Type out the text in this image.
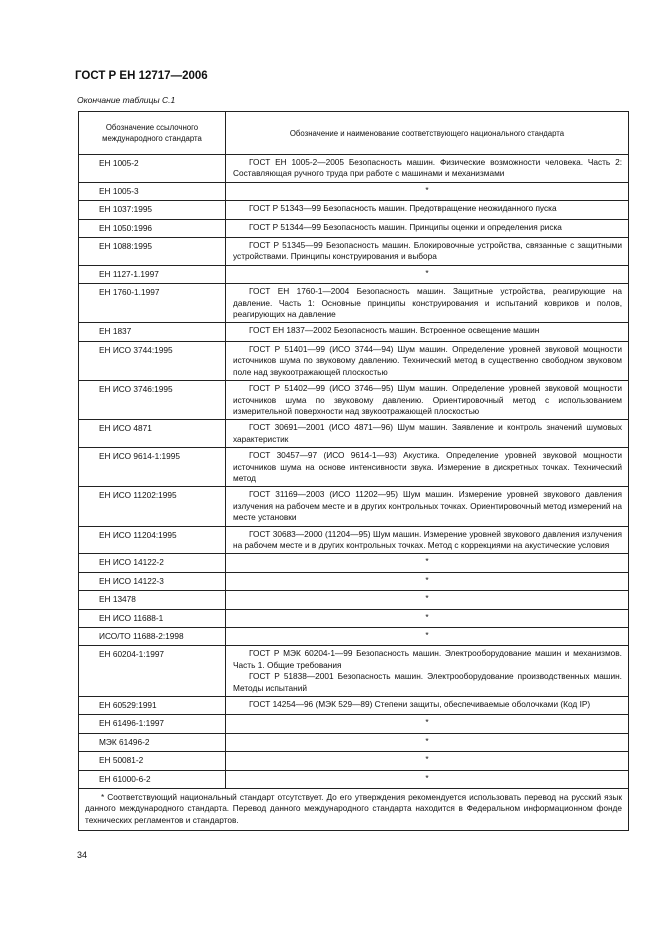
ГОСТ Р ЕН 12717—2006
Окончание таблицы С.1
Обозначение ссылочного международного стандарта	Обозначение и наименование соответствующего национального стандарта
ЕН 1005-2	ГОСТ ЕН 1005-2—2005 Безопасность машин. Физические возможности человека. Часть 2: Составляющая ручного труда при работе с машинами и механизмами

ЕН 1005-3	*
ЕН 1037:1995	ГОСТ Р 51343—99 Безопасность машин. Предотвращение неожиданного пуска

ЕН 1050:1996	ГОСТ Р 51344—99 Безопасность машин. Принципы оценки и определения риска

ЕН 1088:1995	ГОСТ Р 51345—99 Безопасность машин. Блокировочные устройства, связанные с защитными устройствами. Принципы конструирования и выбора

ЕН 1127-1.1997	*
ЕН 1760-1.1997	ГОСТ ЕН 1760-1—2004 Безопасность машин. Защитные устройства, реагирующие на давление. Часть 1: Основные принципы конструирования и испытаний ковриков и полов, реагирующих на давление

ЕН 1837	ГОСТ ЕН 1837—2002 Безопасность машин. Встроенное освещение машин

ЕН ИСО 3744:1995	ГОСТ Р 51401—99 (ИСО 3744—94) Шум машин. Определение уровней звуковой мощности источников шума по звуковому давлению. Технический метод в существенно свободном звуковом поле над звукоотражающей плоскостью

ЕН ИСО 3746:1995	ГОСТ Р 51402—99 (ИСО 3746—95) Шум машин. Определение уровней звуковой мощности источников шума по звуковому давлению. Ориентировочный метод с использованием измерительной поверхности над звукоотражающей плоскостью

ЕН ИСО 4871	ГОСТ 30691—2001 (ИСО 4871—96) Шум машин. Заявление и контроль значений шумовых характеристик

ЕН ИСО 9614-1:1995	ГОСТ 30457—97 (ИСО 9614-1—93) Акустика. Определение уровней звуковой мощности источников шума на основе интенсивности звука. Измерение в дискретных точках. Технический метод

ЕН ИСО 11202:1995	ГОСТ 31169—2003 (ИСО 11202—95) Шум машин. Измерение уровней звукового давления излучения на рабочем месте и в других контрольных точках. Ориентировочный метод измерений на месте установки

ЕН ИСО 11204:1995	ГОСТ 30683—2000 (11204—95) Шум машин. Измерение уровней звукового давления излучения на рабочем месте и в других контрольных точках. Метод с коррекциями на акустические условия

ЕН ИСО 14122-2	*
ЕН ИСО 14122-3	*
ЕН 13478	*
ЕН ИСО 11688-1	*
ИСО/ТО 11688-2:1998	*
ЕН 60204-1:1997	ГОСТ Р МЭК 60204-1—99 Безопасность машин. Электрооборудование машин и механизмов. Часть 1. Общие требования
ГОСТ Р 51838—2001 Безопасность машин. Электрооборудование производственных машин. Методы испытаний

ЕН 60529:1991	ГОСТ 14254—96 (МЭК 529—89) Степени защиты, обеспечиваемые оболочками (Код IP)

ЕН 61496-1:1997	*
МЭК 61496-2	*
ЕН 50081-2	*
ЕН 61000-6-2	*

* Соответствующий национальный стандарт отсутствует. До его утверждения рекомендуется использовать перевод на русский язык данного международного стандарта. Перевод данного международного стандарта находится в Федеральном информационном фонде технических регламентов и стандартов.	
34
